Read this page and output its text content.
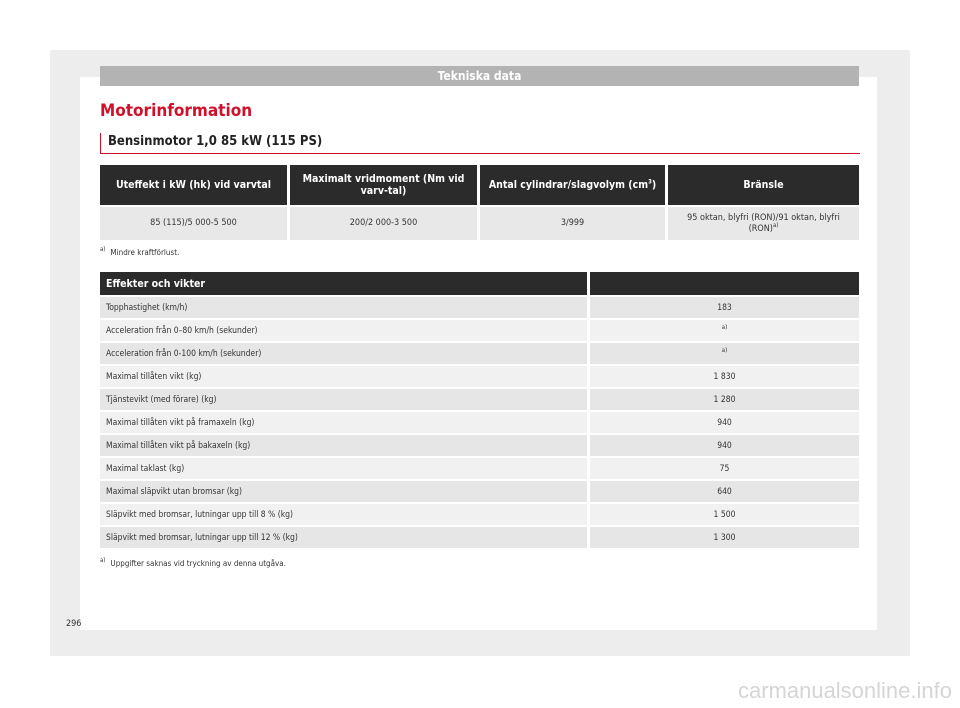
Tekniska data
Motorinformation
Bensinmotor 1,0 85 kW (115 PS)
Uteffekt i kW (hk) vid varvtal	Maximalt vridmoment (Nm vid varv-tal)	Antal cylindrar/slagvolym $(cm^3)$	Bränsle
85 (115)/5 000-5 500	200/2 000-3 500	3/999	95 oktan, blyfri (RON)/91 oktan, blyfri (RON)$^{a)}$
$^{a)}$ Mindre kraftförlust.
Effekter och vikter	
Topphastighet (km/h)	183
Acceleration från 0–80 km/h (sekunder)	$^{a)}$
Acceleration från 0-100 km/h (sekunder)	$^{a)}$
Maximal tillåten vikt (kg)	1 830
Tjänstevikt (med förare) (kg)	1 280
Maximal tillåten vikt på framaxeln (kg)	940
Maximal tillåten vikt på bakaxeln (kg)	940
Maximal taklast (kg)	75
Maximal släpvikt utan bromsar (kg)	640
Släpvikt med bromsar, lutningar upp till 8 % (kg)	1 500
Släpvikt med bromsar, lutningar upp till 12 % (kg)	1 300
$^{a)}$ Uppgifter saknas vid tryckning av denna utgåva.
296
carmanualsonline.info
